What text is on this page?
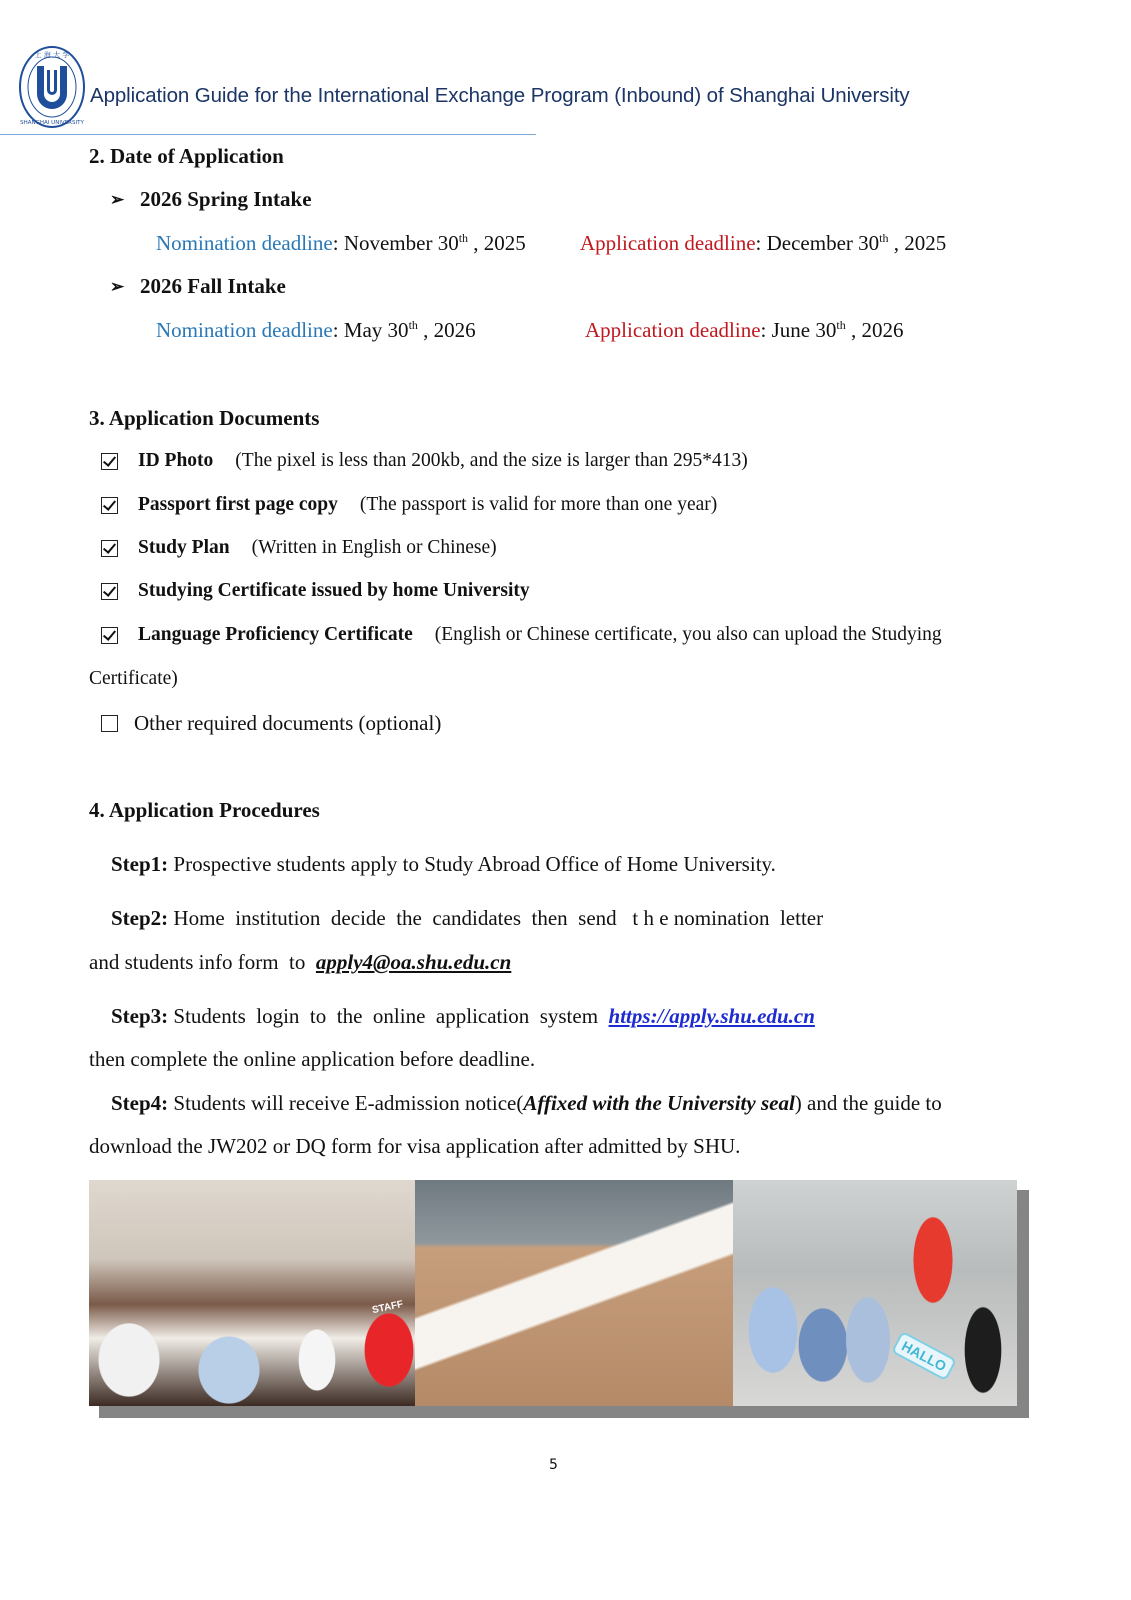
上 海 大 学
SHANGHAI UNIVERSITY
Application Guide for the International Exchange Program (Inbound) of Shanghai University
2. Date of Application
➢ 2026 Spring Intake
Nomination deadline: November 30th , 2025	Application deadline: December 30th , 2025
➢ 2026 Fall Intake
Nomination deadline: May 30th , 2026	Application deadline: June 30th , 2026
3. Application Documents
ID Photo (The pixel is less than 200kb, and the size is larger than 295*413)
Passport first page copy (The passport is valid for more than one year)
Study Plan (Written in English or Chinese)
Studying Certificate issued by home University
Language Proficiency Certificate (English or Chinese certificate, you also can upload the Studying
Certificate)
Other required documents (optional)
4. Application Procedures
Step1: Prospective students apply to Study Abroad Office of Home University.
Step2: Home  institution  decide  the  candidates  then  send   t h e nomination  letter
and students info form  to  apply4@oa.shu.edu.cn
Step3: Students  login  to  the  online  application  system  https://apply.shu.edu.cn
then complete the online application before deadline.
Step4: Students will receive E-admission notice(Affixed with the University seal) and the guide to
download the JW202 or DQ form for visa application after admitted by SHU.
STAFF
HALLO
5
